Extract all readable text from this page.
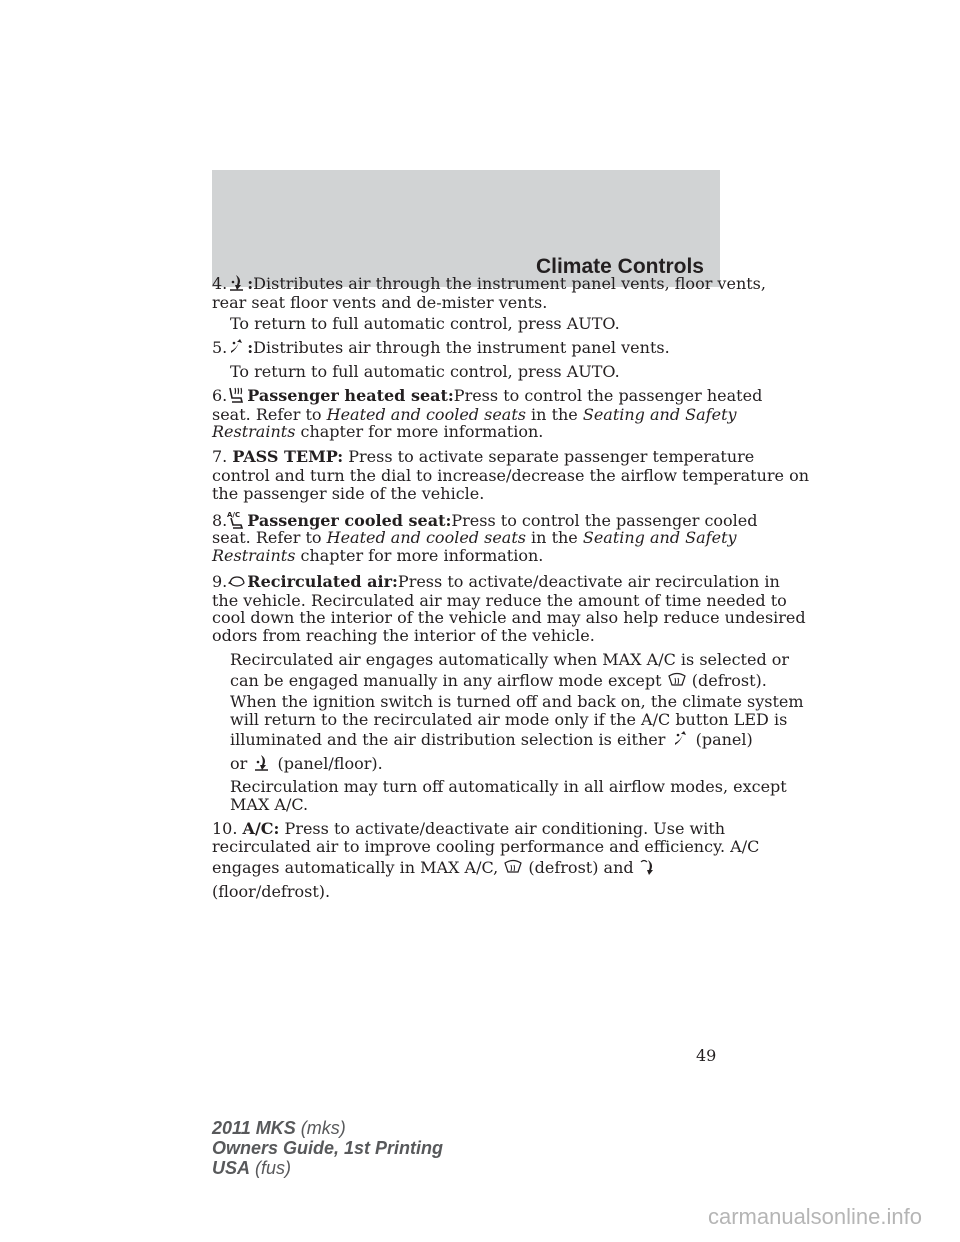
Climate Controls
4. :Distributes air through the instrument panel vents, floor vents,
rear seat floor vents and de-mister vents.
To return to full automatic control, press AUTO.
5. :Distributes air through the instrument panel vents.
To return to full automatic control, press AUTO.
6. Passenger heated seat:Press to control the passenger heated
seat. Refer to Heated and cooled seats in the Seating and Safety
Restraints chapter for more information.
7. PASS TEMP: Press to activate separate passenger temperature
control and turn the dial to increase/decrease the airflow temperature on
the passenger side of the vehicle.
8. A/C Passenger cooled seat:Press to control the passenger cooled
seat. Refer to Heated and cooled seats in the Seating and Safety
Restraints chapter for more information.
9. Recirculated air:Press to activate/deactivate air recirculation in
the vehicle. Recirculated air may reduce the amount of time needed to
cool down the interior of the vehicle and may also help reduce undesired
odors from reaching the interior of the vehicle.
Recirculated air engages automatically when MAX A/C is selected or
can be engaged manually in any airflow mode except (defrost).
When the ignition switch is turned off and back on, the climate system
will return to the recirculated air mode only if the A/C button LED is
illuminated and the air distribution selection is either (panel)
or (panel/floor).
Recirculation may turn off automatically in all airflow modes, except
MAX A/C.
10. A/C: Press to activate/deactivate air conditioning. Use with
recirculated air to improve cooling performance and efficiency. A/C
engages automatically in MAX A/C, (defrost) and
(floor/defrost).
49
2011 MKS (mks)
Owners Guide, 1st Printing
USA (fus)
carmanualsonline.info
